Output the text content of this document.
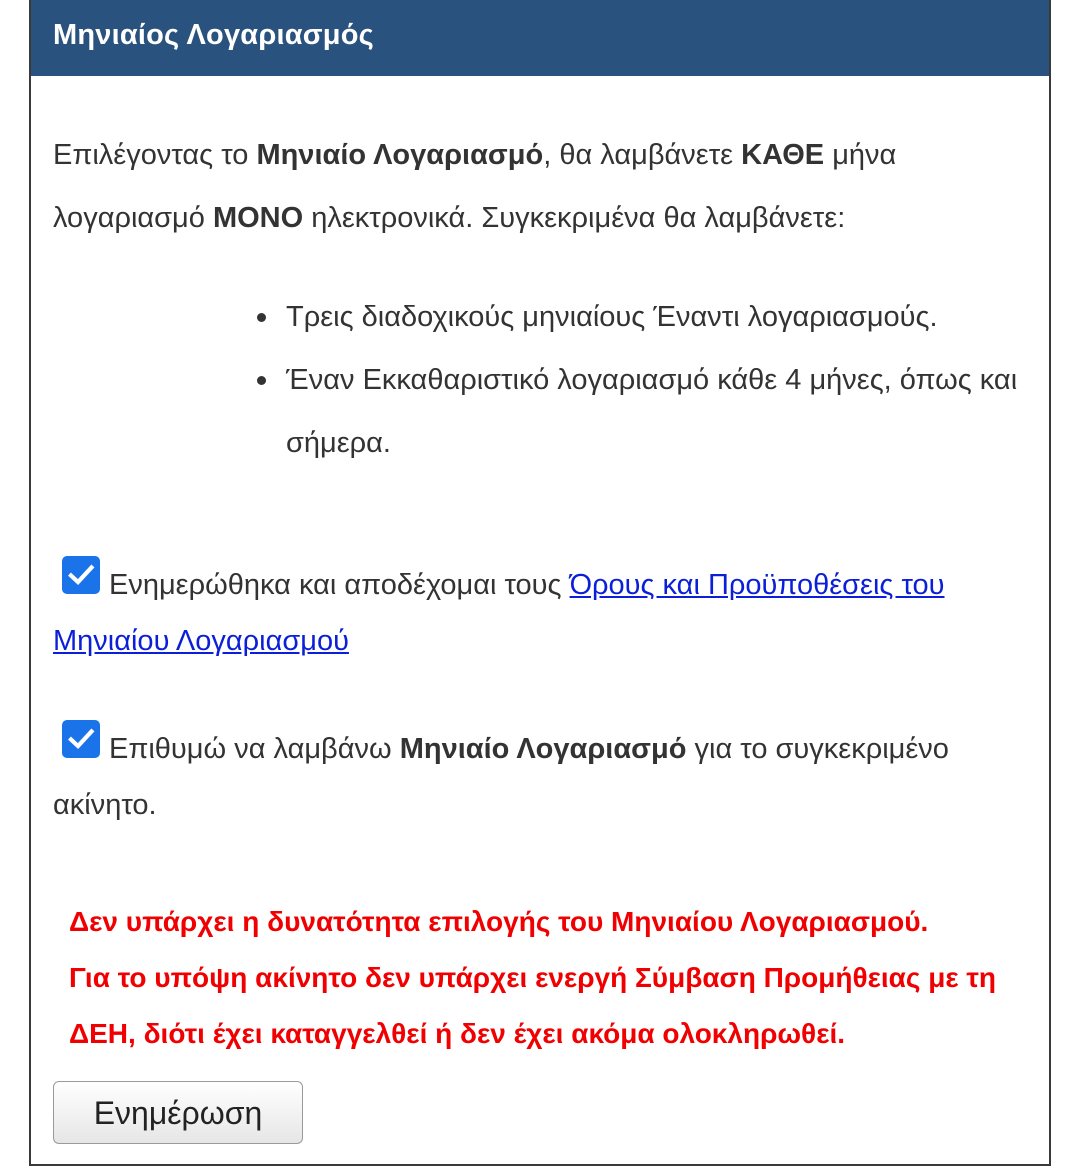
Μηνιαίος Λογαριασμός
Επιλέγοντας το Μηνιαίο Λογαριασμό, θα λαμβάνετε ΚΑΘΕ μήνα λογαριασμό ΜΟΝΟ ηλεκτρονικά. Συγκεκριμένα θα λαμβάνετε:
Τρεις διαδοχικούς μηνιαίους Έναντι λογαριασμούς.
Έναν Εκκαθαριστικό λογαριασμό κάθε 4 μήνες, όπως και σήμερα.
Ενημερώθηκα και αποδέχομαι τους Όρους και Προϋποθέσεις του Μηνιαίου Λογαριασμού
Επιθυμώ να λαμβάνω Μηνιαίο Λογαριασμό για το συγκεκριμένο ακίνητο.
Δεν υπάρχει η δυνατότητα επιλογής του Μηνιαίου Λογαριασμού.
Για το υπόψη ακίνητο δεν υπάρχει ενεργή Σύμβαση Προμήθειας με τη ΔΕΗ, διότι έχει καταγγελθεί ή δεν έχει ακόμα ολοκληρωθεί.
Ενημέρωση
